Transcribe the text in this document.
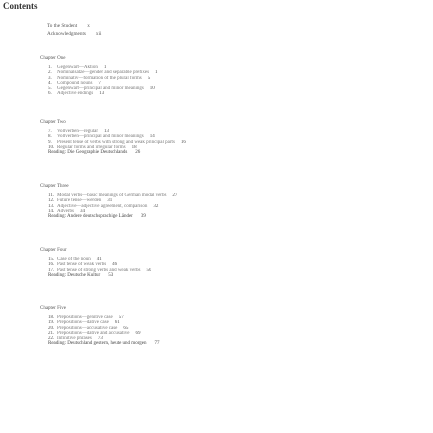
Contents
To the Student x
Acknowledgments xii
Chapter One
1. Gegenwart—Aktion 1
2. Nominalsätze—gender and separable prefixes 1
3. Nominativ—formation of the plural forms 5
4. Compound nouns 7
5. Gegenwart—principal and minor meanings 10
6. Adjective endings 13
Chapter Two
7. Vollverben—regular 13
8. Vollverben—principal and minor meanings 14
9. Present tense of verbs with strong and weak principal parts 16
10. Regular forms and irregular forms 18
Reading: Die Geographie Deutschlands 26
Chapter Three
11. Modal verbs—basic meanings of German modal verbs 27
12. Future tense—werden 31
13. Adjective—adjective agreement, comparison 32
14. Adverbs 34
Reading: Andere deutschsprachige Länder 39
Chapter Four
15. Case of the noun 41
16. Past tense of weak verbs 46
17. Past tense of strong verbs and weak verbs 50
Reading: Deutsche Kultur 53
Chapter Five
18. Prepositions—genitive case 57
19. Prepositions—dative case 61
20. Prepositions—accusative case 65
21. Prepositions—dative and accusative 69
22. Infinitive phrases 73
Reading: Deutschland gestern, heute und morgen 77
